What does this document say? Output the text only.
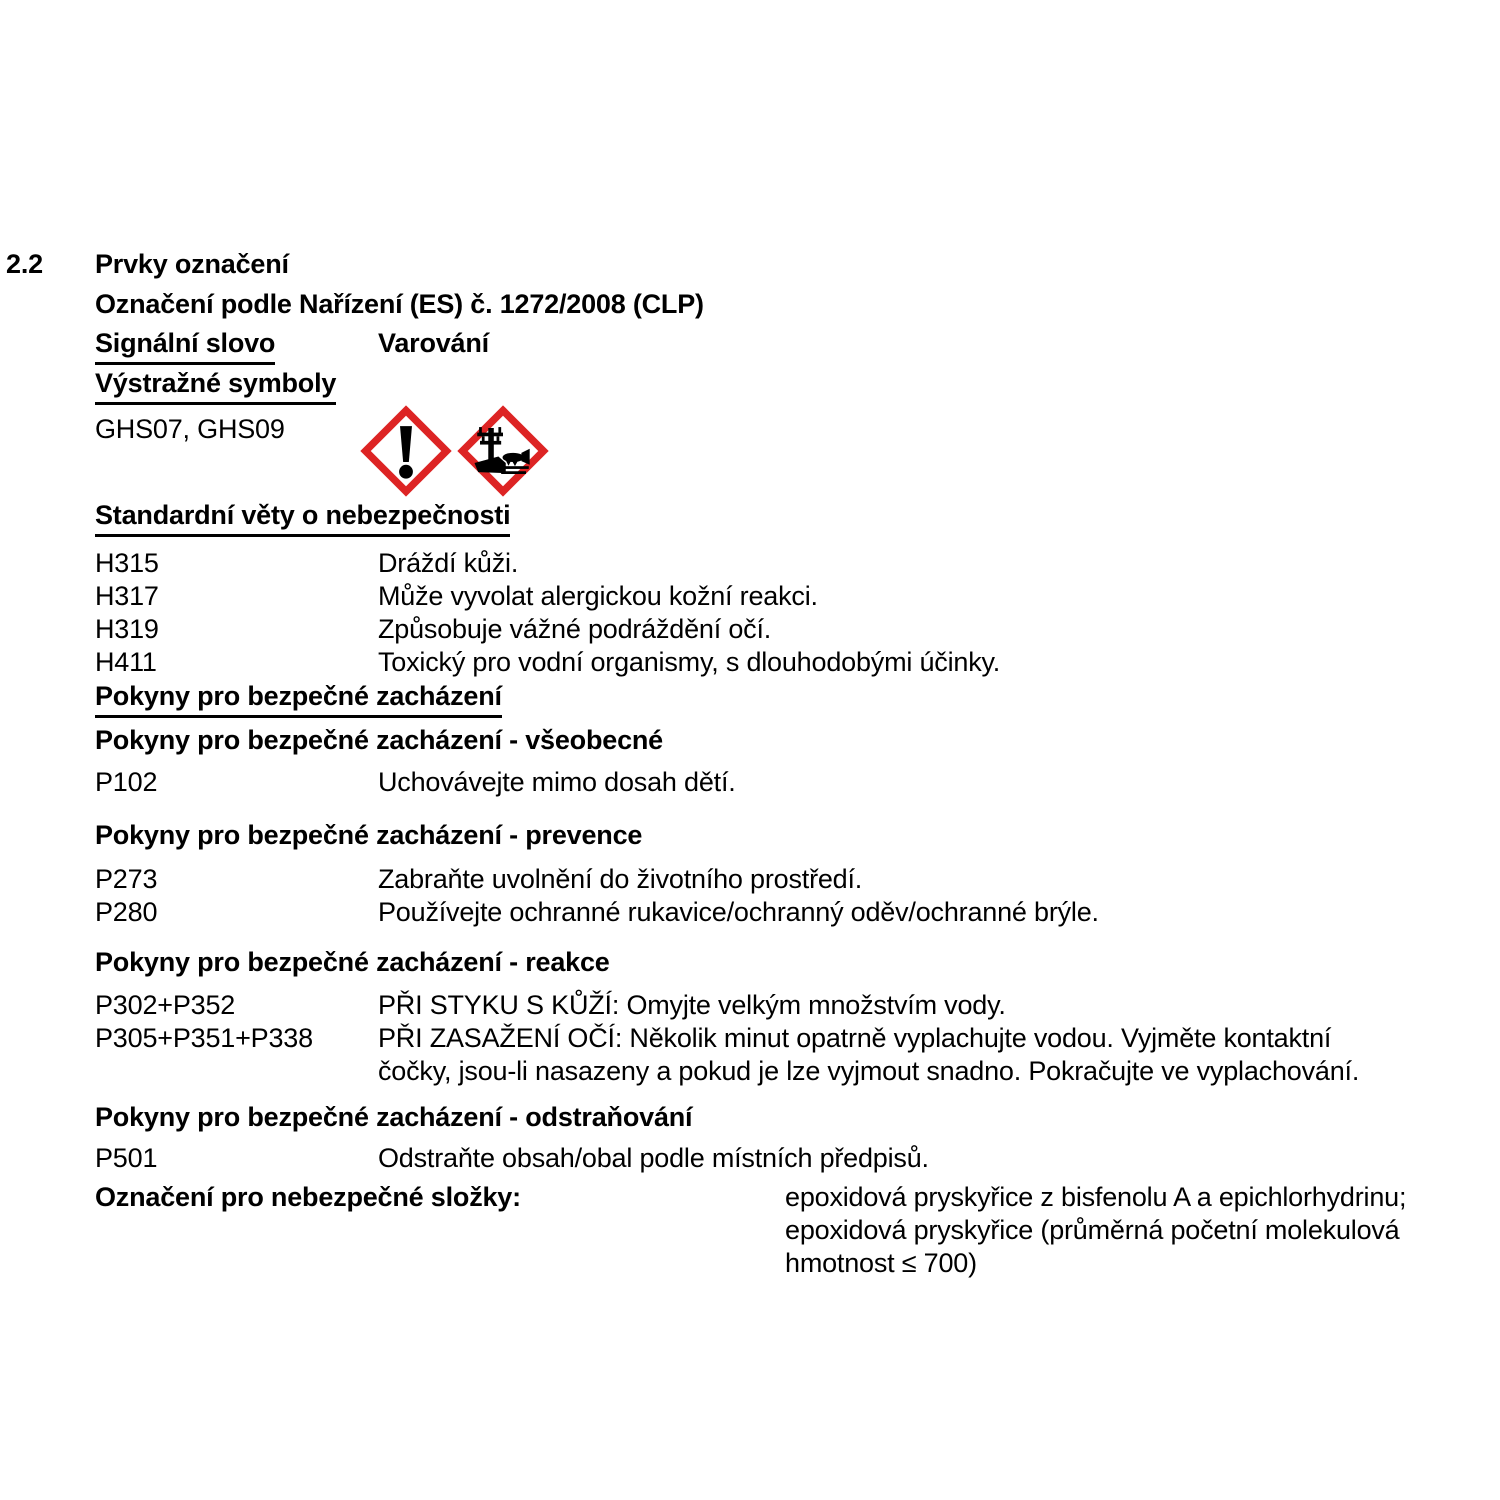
2.2 Prvky označení
Označení podle Nařízení (ES) č. 1272/2008 (CLP)
Signální slovo	Varování
Výstražné symboly
GHS07, GHS09
Standardní věty o nebezpečnosti
H315	Dráždí kůži.
H317	Může vyvolat alergickou kožní reakci.
H319	Způsobuje vážné podráždění očí.
H411	Toxický pro vodní organismy, s dlouhodobými účinky.
Pokyny pro bezpečné zacházení
Pokyny pro bezpečné zacházení - všeobecné
P102	Uchovávejte mimo dosah dětí.
Pokyny pro bezpečné zacházení - prevence
P273	Zabraňte uvolnění do životního prostředí.
P280	Používejte ochranné rukavice/ochranný oděv/ochranné brýle.
Pokyny pro bezpečné zacházení - reakce
P302+P352	PŘI STYKU S KŮŽÍ: Omyjte velkým množstvím vody.
P305+P351+P338	PŘI ZASAŽENÍ OČÍ: Několik minut opatrně vyplachujte vodou. Vyjměte kontaktní čočky, jsou-li nasazeny a pokud je lze vyjmout snadno. Pokračujte ve vyplachování.
Pokyny pro bezpečné zacházení - odstraňování
P501	Odstraňte obsah/obal podle místních předpisů.
Označení pro nebezpečné složky:	epoxidová pryskyřice z bisfenolu A a epichlorhydrinu; epoxidová pryskyřice (průměrná početní molekulová hmotnost ≤ 700)
